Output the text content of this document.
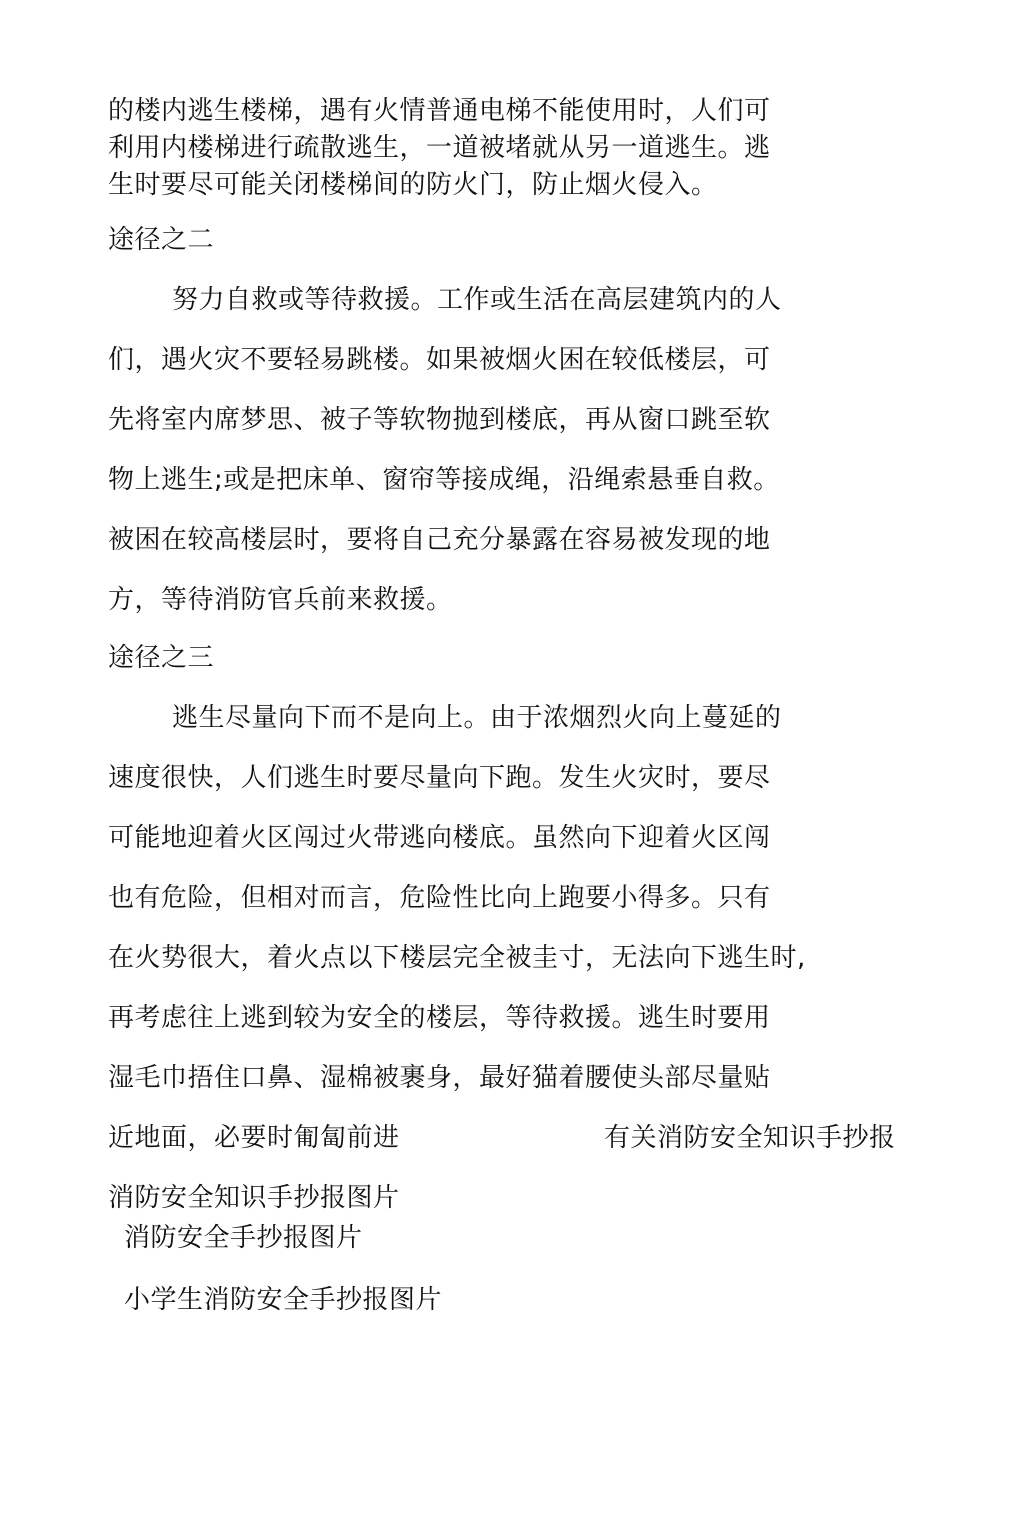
的楼内逃生楼梯，遇有火情普通电梯不能使用时，人们可
利用内楼梯进行疏散逃生，一道被堵就从另一道逃生。逃
生时要尽可能关闭楼梯间的防火门，防止烟火侵入。
途径之二
努力自救或等待救援。工作或生活在高层建筑内的人
们，遇火灾不要轻易跳楼。如果被烟火困在较低楼层，可
先将室内席梦思、被子等软物抛到楼底，再从窗口跳至软
物上逃生;或是把床单、窗帘等接成绳，沿绳索悬垂自救。
被困在较高楼层时，要将自己充分暴露在容易被发现的地
方，等待消防官兵前来救援。
途径之三
逃生尽量向下而不是向上。由于浓烟烈火向上蔓延的
速度很快，人们逃生时要尽量向下跑。发生火灾时，要尽
可能地迎着火区闯过火带逃向楼底。虽然向下迎着火区闯
也有危险，但相对而言，危险性比向上跑要小得多。只有
在火势很大，着火点以下楼层完全被圭寸，无法向下逃生时,
再考虑往上逃到较为安全的楼层，等待救援。逃生时要用
湿毛巾捂住口鼻、湿棉被裹身，最好猫着腰使头部尽量贴
近地面，必要时匍匐前进	有关消防安全知识手抄报
消防安全知识手抄报图片
消防安全手抄报图片
小学生消防安全手抄报图片
